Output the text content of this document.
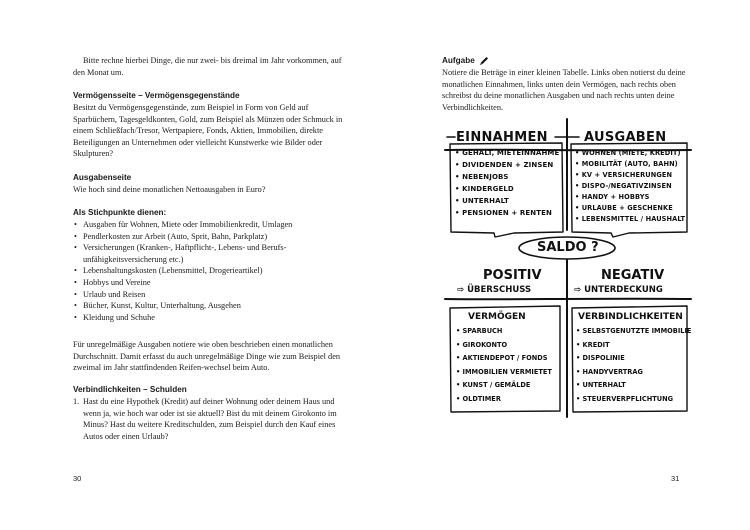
Bitte rechne hierbei Dinge, die nur zwei- bis dreimal im Jahr vorkommen, auf den Monat um.
Vermögensseite – Vermögensgegenstände
Besitzt du Vermögensgegenstände, zum Beispiel in Form von Geld auf Sparbüchern, Tagesgeldkonten, Gold, zum Beispiel als Münzen oder Schmuck in einem Schließfach/Tresor, Wertpapiere, Fonds, Aktien, Immobilien, direkte Beteiligungen an Unternehmen oder vielleicht Kunstwerke wie Bilder oder Skulpturen?
Ausgabenseite
Wie hoch sind deine monatlichen Nettoausgaben in Euro?
Als Stichpunkte dienen:
• Ausgaben für Wohnen, Miete oder Immobilienkredit, Umlagen
• Pendlerkosten zur Arbeit (Auto, Sprit, Bahn, Parkplatz)
• Versicherungen (Kranken-, Haftpflicht-, Lebens- und Berufs-unfähigkeitsversicherung etc.)
• Lebenshaltungskosten (Lebensmittel, Drogerieartikel)
• Hobbys und Vereine
• Urlaub und Reisen
• Bücher, Kunst, Kultur, Unterhaltung, Ausgehen
• Kleidung und Schuhe
Für unregelmäßige Ausgaben notiere wie oben beschrieben einen monatlichen Durchschnitt. Damit erfasst du auch unregelmäßige Dinge wie zum Beispiel den zweimal im Jahr stattfindenden Reifen-wechsel beim Auto.
Verbindlichkeiten – Schulden
1. Hast du eine Hypothek (Kredit) auf deiner Wohnung oder deinem Haus und wenn ja, wie hoch war oder ist sie aktuell? Bist du mit deinem Girokonto im Minus? Hast du weitere Kreditschulden, zum Beispiel durch den Kauf eines Autos oder einen Urlaub?
30
Aufgabe
Notiere die Beträge in einer kleinen Tabelle. Links oben notierst du deine monatlichen Einnahmen, links unten dein Vermögen, nach rechts oben schreibst du deine monatlichen Ausgaben und nach rechts unten deine Verbindlichkeiten.
EINNAHMEN	AUSGABEN
• GEHALT, MIETEINNAHME
• DIVIDENDEN + ZINSEN
• NEBENJOBS
• KINDERGELD
• UNTERHALT
• PENSIONEN + RENTEN
• WOHNEN (MIETE, KREDIT)
• MOBILITÄT (AUTO, BAHN)
• KV + VERSICHERUNGEN
• DISPO-/NEGATIVZINSEN
• HANDY + HOBBYS
• URLAUBE + GESCHENKE
• LEBENSMITTEL / HAUSHALT
SALDO ?
POSITIV
⇨ ÜBERSCHUSS
NEGATIV
⇨ UNTERDECKUNG
VERMÖGEN	VERBINDLICHKEITEN
• SPARBUCH
• GIROKONTO
• AKTIENDEPOT / FONDS
• IMMOBILIEN VERMIETET
• KUNST / GEMÄLDE
• OLDTIMER
• SELBSTGENUTZTE IMMOBILIE
• KREDIT
• DISPOLINIE
• HANDYVERTRAG
• UNTERHALT
• STEUERVERPFLICHTUNG
31
